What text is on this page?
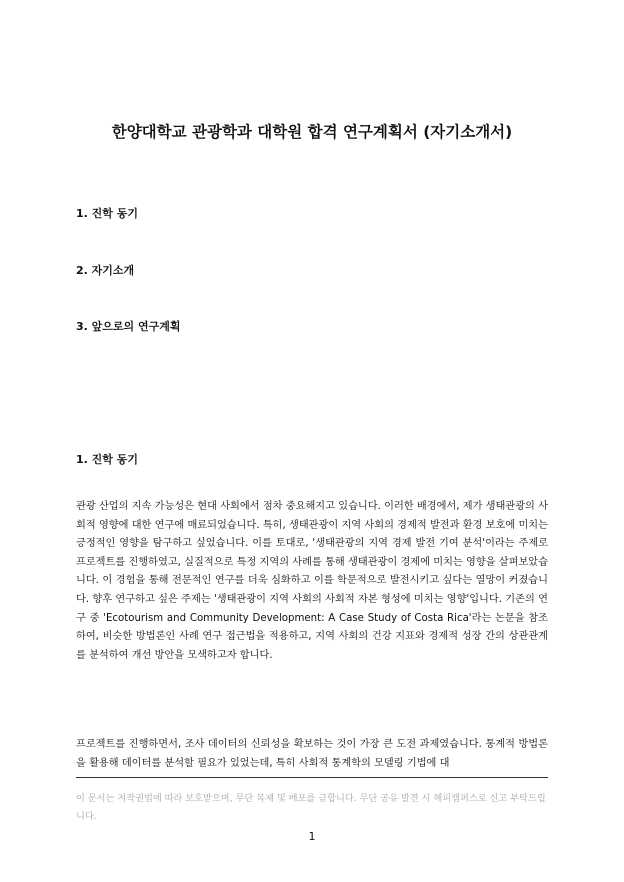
한양대학교 관광학과 대학원 합격 연구계획서 (자기소개서)
1. 진학 동기
2. 자기소개
3. 앞으로의 연구계획
1. 진학 동기
관광 산업의 지속 가능성은 현대 사회에서 점차 중요해지고 있습니다. 이러한 배경에서, 제가 생태관광의 사회적 영향에 대한 연구에 매료되었습니다. 특히, 생태관광이 지역 사회의 경제적 발전과 환경 보호에 미치는 긍정적인 영향을 탐구하고 싶었습니다. 이를 토대로, '생태관광의 지역 경제 발전 기여 분석'이라는 주제로 프로젝트를 진행하였고, 실질적으로 특정 지역의 사례를 통해 생태관광이 경제에 미치는 영향을 살펴보았습니다. 이 경험을 통해 전문적인 연구를 더욱 심화하고 이를 학문적으로 발전시키고 싶다는 열망이 커졌습니다. 향후 연구하고 싶은 주제는 '생태관광이 지역 사회의 사회적 자본 형성에 미치는 영향'입니다. 기존의 연구 중 'Ecotourism and Community Development: A Case Study of Costa Rica'라는 논문을 참조하여, 비슷한 방법론인 사례 연구 접근법을 적용하고, 지역 사회의 건강 지표와 경제적 성장 간의 상관관계를 분석하여 개선 방안을 모색하고자 합니다.
프로젝트를 진행하면서, 조사 데이터의 신뢰성을 확보하는 것이 가장 큰 도전 과제였습니다. 통계적 방법론을 활용해 데이터를 분석할 필요가 있었는데, 특히 사회적 통계학의 모델링 기법에 대
이 문서는 저작권법에 따라 보호받으며, 무단 복제 및 배포를 금합니다. 무단 공유 발견 시 해피캠퍼스로 신고 부탁드립니다.
1
